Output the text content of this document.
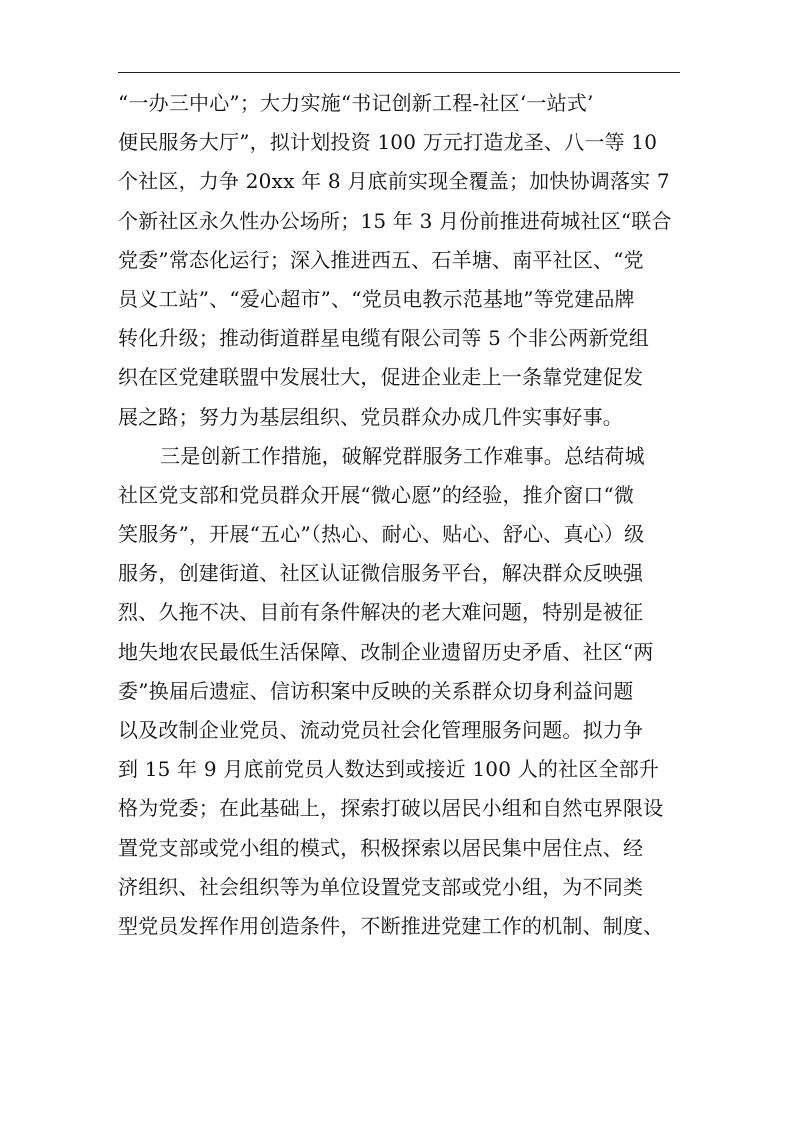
“一办三中心”；大力实施“书记创新工程-社区‘一站式’
便民服务大厅”，拟计划投资 100 万元打造龙圣、八一等 10
个社区，力争 20xx 年 8 月底前实现全覆盖；加快协调落实 7
个新社区永久性办公场所；15 年 3 月份前推进荷城社区“联合
党委”常态化运行；深入推进西五、石羊塘、南平社区、“党
员义工站”、“爱心超市”、“党员电教示范基地”等党建品牌
转化升级；推动街道群星电缆有限公司等 5 个非公两新党组
织在区党建联盟中发展壮大，促进企业走上一条靠党建促发
展之路；努力为基层组织、党员群众办成几件实事好事。
三是创新工作措施，破解党群服务工作难事。总结荷城
社区党支部和党员群众开展“微心愿”的经验，推介窗口“微
笑服务”，开展“五心”（热心、耐心、贴心、舒心、真心）级
服务，创建街道、社区认证微信服务平台，解决群众反映强
烈、久拖不决、目前有条件解决的老大难问题，特别是被征
地失地农民最低生活保障、改制企业遗留历史矛盾、社区“两
委”换届后遗症、信访积案中反映的关系群众切身利益问题
以及改制企业党员、流动党员社会化管理服务问题。拟力争
到 15 年 9 月底前党员人数达到或接近 100 人的社区全部升
格为党委；在此基础上，探索打破以居民小组和自然屯界限设
置党支部或党小组的模式，积极探索以居民集中居住点、经
济组织、社会组织等为单位设置党支部或党小组，为不同类
型党员发挥作用创造条件，不断推进党建工作的机制、制度、
